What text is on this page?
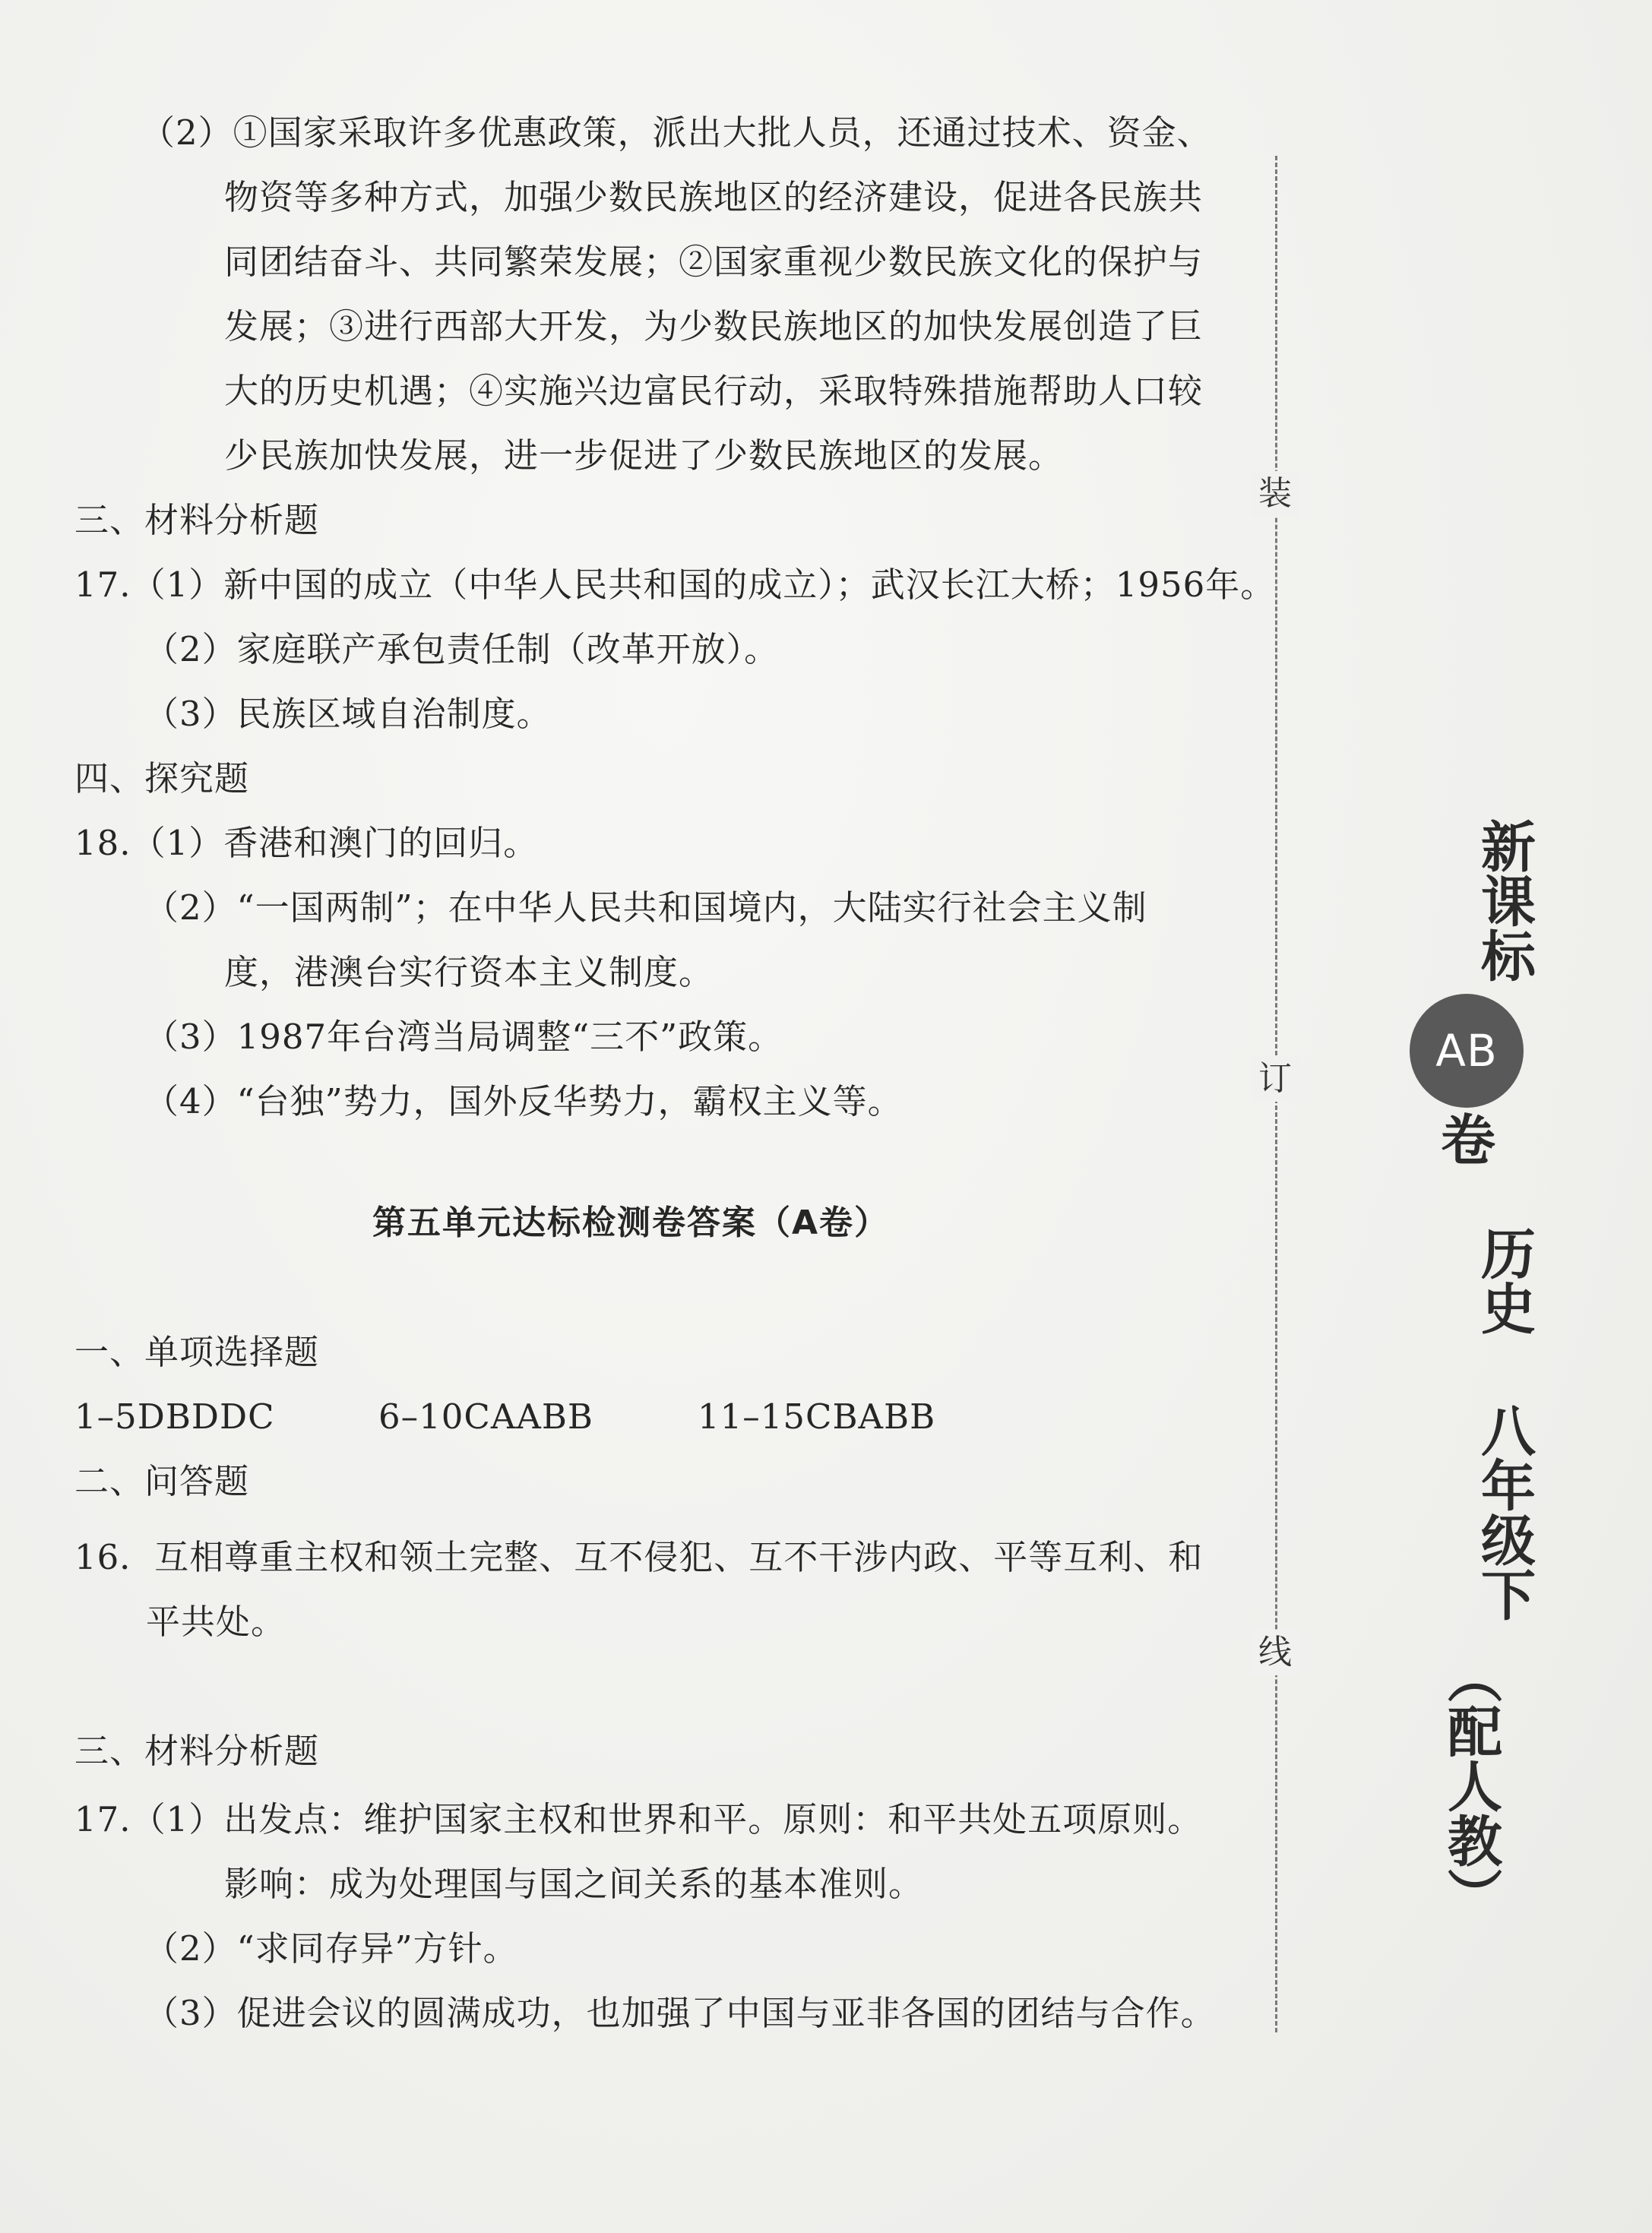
（2）①国家采取许多优惠政策，派出大批人员，还通过技术、资金、
物资等多种方式，加强少数民族地区的经济建设，促进各民族共
同团结奋斗、共同繁荣发展；②国家重视少数民族文化的保护与
发展；③进行西部大开发，为少数民族地区的加快发展创造了巨
大的历史机遇；④实施兴边富民行动，采取特殊措施帮助人口较
少民族加快发展，进一步促进了少数民族地区的发展。
三、材料分析题
17.（1）新中国的成立（中华人民共和国的成立）；武汉长江大桥；1956年。
（2）家庭联产承包责任制（改革开放）。
（3）民族区域自治制度。
四、探究题
18.（1）香港和澳门的回归。
（2）“一国两制”；在中华人民共和国境内，大陆实行社会主义制
度，港澳台实行资本主义制度。
（3）1987年台湾当局调整“三不”政策。
（4）“台独”势力，国外反华势力，霸权主义等。
第五单元达标检测卷答案（A卷）
一、单项选择题
1–5DBDDC	6–10CAABB	11–15CBABB
二、问答题
16．互相尊重主权和领土完整、互不侵犯、互不干涉内政、平等互利、和
平共处。
三、材料分析题
17.（1）出发点：维护国家主权和世界和平。原则：和平共处五项原则。
影响：成为处理国与国之间关系的基本准则。
（2）“求同存异”方针。
（3）促进会议的圆满成功，也加强了中国与亚非各国的团结与合作。
装
订
线
新课标
AB
卷
历史
八年级下
（配人教）
